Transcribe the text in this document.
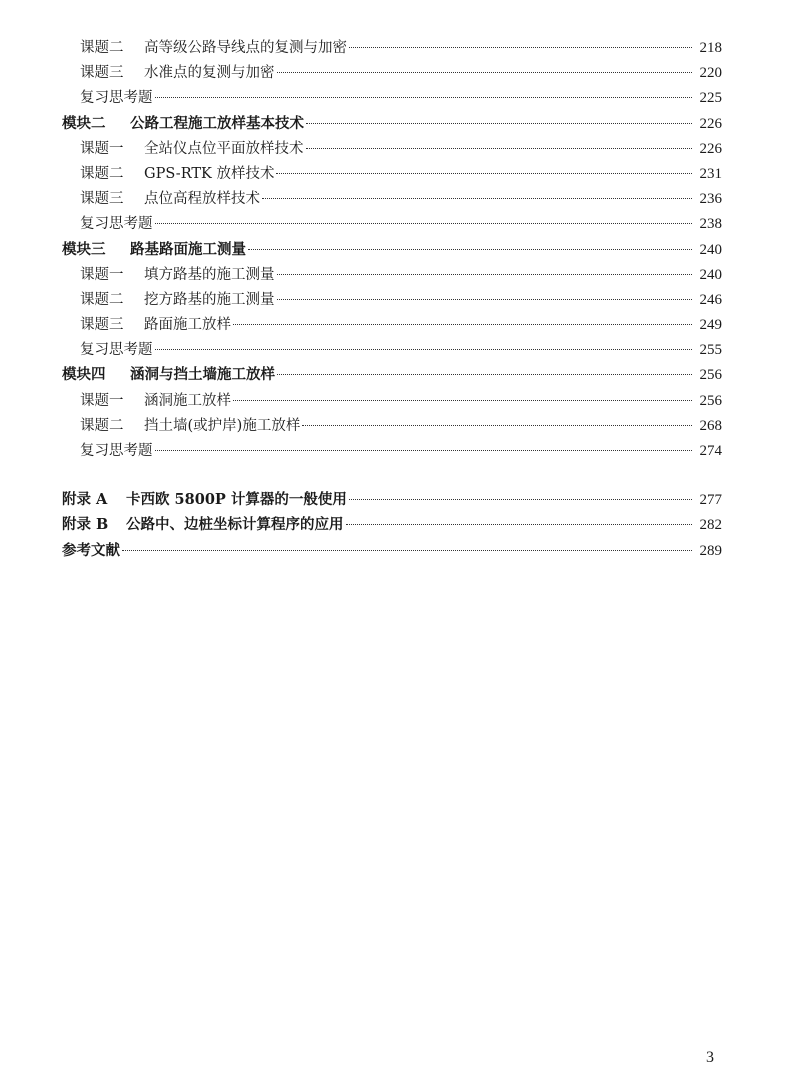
课题二	高等级公路导线点的复测与加密	218
课题三	水准点的复测与加密	220
复习思考题	225
模块二	公路工程施工放样基本技术	226
课题一	全站仪点位平面放样技术	226
课题二	GPS-RTK 放样技术	231
课题三	点位高程放样技术	236
复习思考题	238
模块三	路基路面施工测量	240
课题一	填方路基的施工测量	240
课题二	挖方路基的施工测量	246
课题三	路面施工放样	249
复习思考题	255
模块四	涵洞与挡土墙施工放样	256
课题一	涵洞施工放样	256
课题二	挡土墙(或护岸)施工放样	268
复习思考题	274
附录 A	卡西欧 5800P 计算器的一般使用	277
附录 B	公路中、边桩坐标计算程序的应用	282
参考文献	289
3
